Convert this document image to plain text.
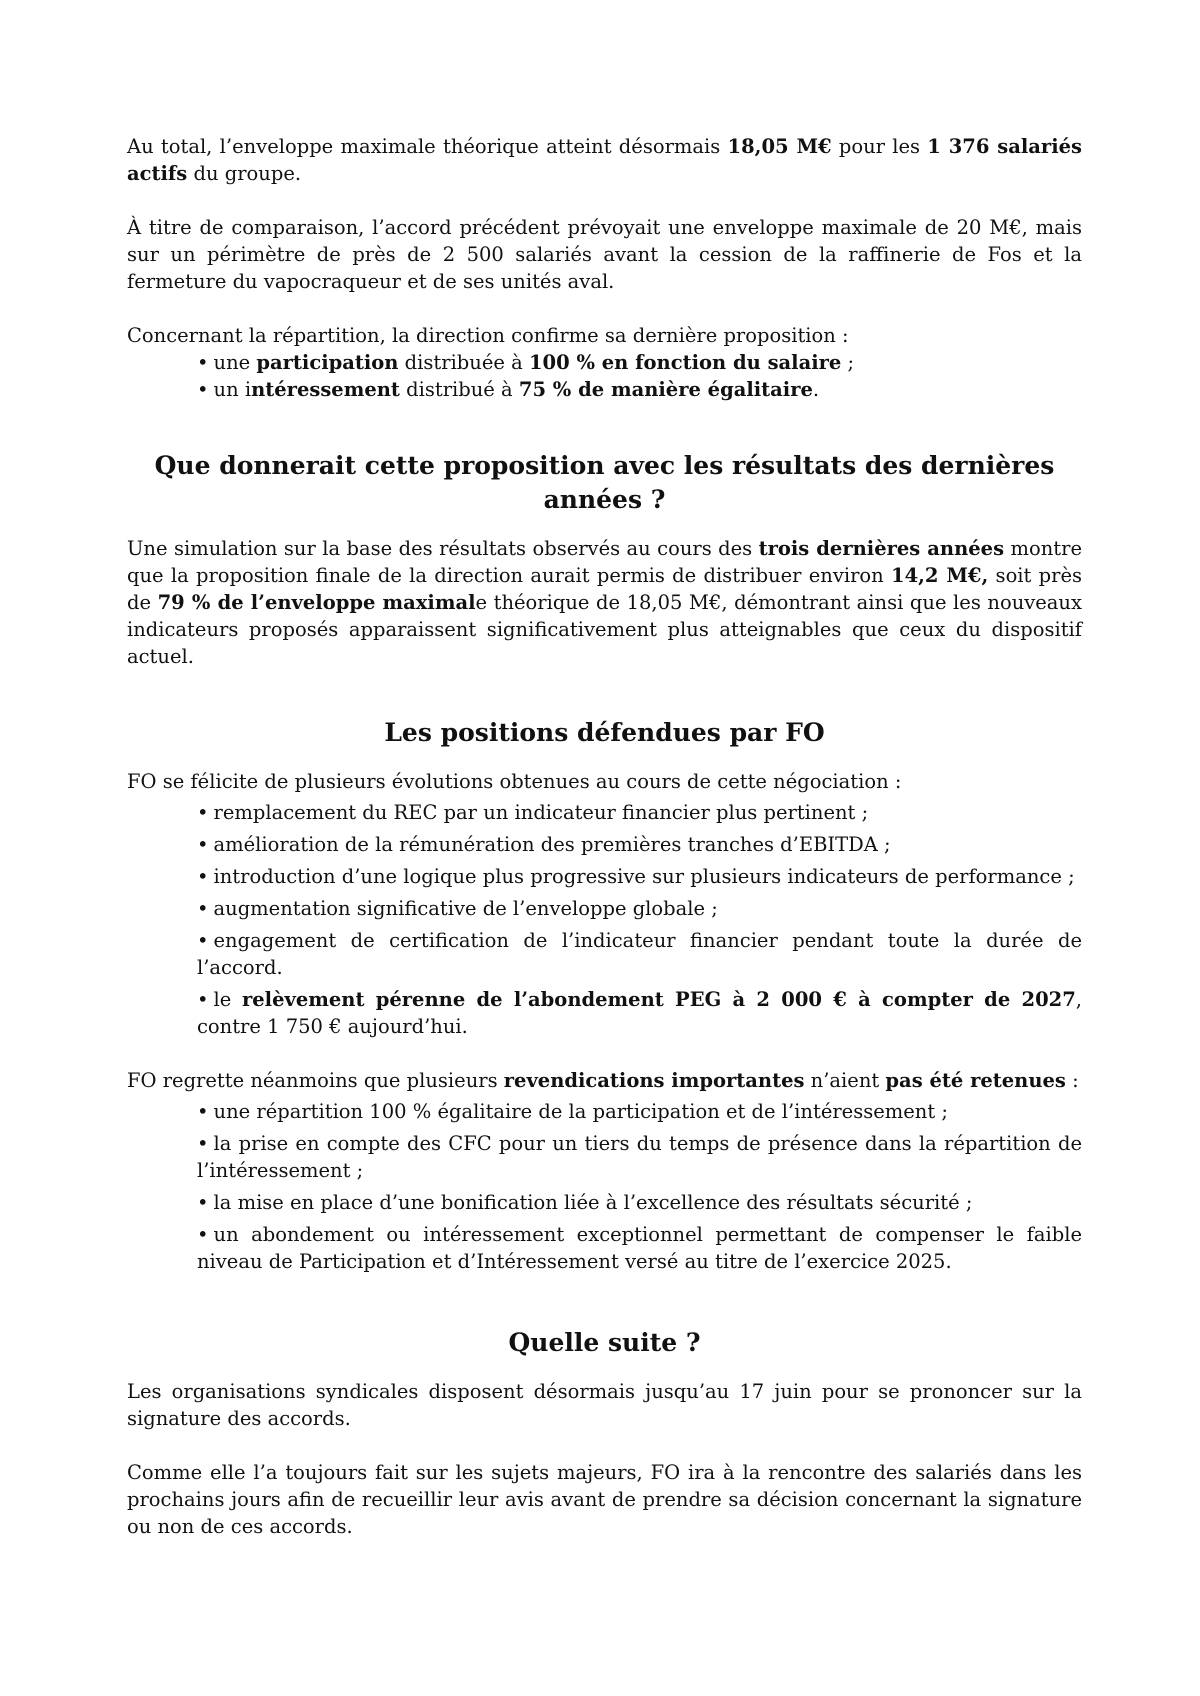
Au total, l’enveloppe maximale théorique atteint désormais 18,05 M€ pour les 1 376 salariés actifs du groupe.

À titre de comparaison, l’accord précédent prévoyait une enveloppe maximale de 20 M€, mais sur un périmètre de près de 2 500 salariés avant la cession de la raffinerie de Fos et la fermeture du vapocraqueur et de ses unités aval.

Concernant la répartition, la direction confirme sa dernière proposition :

• une participation distribuée à 100 % en fonction du salaire ;
• un intéressement distribué à 75 % de manière égalitaire.
Que donnerait cette proposition avec les résultats des dernières années ?

Une simulation sur la base des résultats observés au cours des trois dernières années montre que la proposition finale de la direction aurait permis de distribuer environ 14,2 M€, soit près de 79 % de l’enveloppe maximale théorique de 18,05 M€, démontrant ainsi que les nouveaux indicateurs proposés apparaissent significativement plus atteignables que ceux du dispositif actuel.

Les positions défendues par FO

FO se félicite de plusieurs évolutions obtenues au cours de cette négociation :

• remplacement du REC par un indicateur financier plus pertinent ;
• amélioration de la rémunération des premières tranches d’EBITDA ;
• introduction d’une logique plus progressive sur plusieurs indicateurs de performance ;
• augmentation significative de l’enveloppe globale ;
• engagement de certification de l’indicateur financier pendant toute la durée de l’accord.
• le relèvement pérenne de l’abondement PEG à 2 000 € à compter de 2027, contre 1 750 € aujourd’hui.

FO regrette néanmoins que plusieurs revendications importantes n’aient pas été retenues :

• une répartition 100 % égalitaire de la participation et de l’intéressement ;
• la prise en compte des CFC pour un tiers du temps de présence dans la répartition de l’intéressement ;
• la mise en place d’une bonification liée à l’excellence des résultats sécurité ;
• un abondement ou intéressement exceptionnel permettant de compenser le faible niveau de Participation et d’Intéressement versé au titre de l’exercice 2025.
Quelle suite ?

Les organisations syndicales disposent désormais jusqu’au 17 juin pour se prononcer sur la signature des accords.

Comme elle l’a toujours fait sur les sujets majeurs, FO ira à la rencontre des salariés dans les prochains jours afin de recueillir leur avis avant de prendre sa décision concernant la signature ou non de ces accords.
